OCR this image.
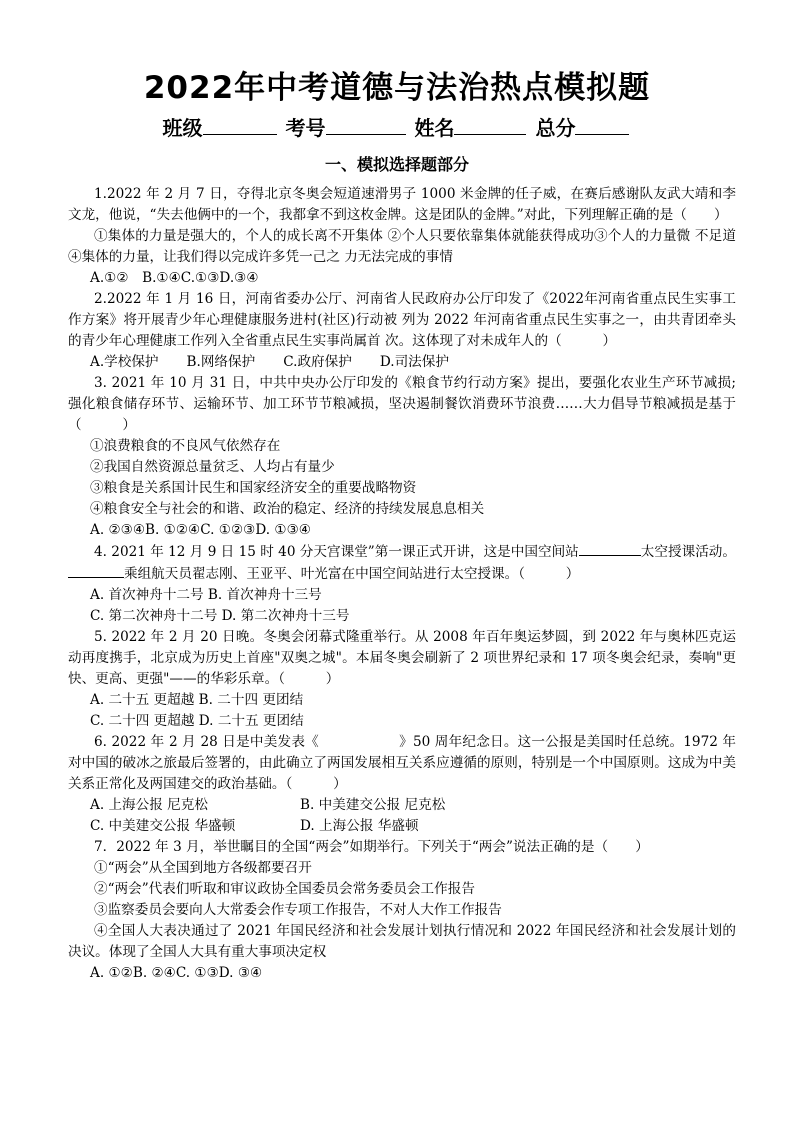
2022年中考道德与法治热点模拟题
班级	考号	姓名	总分
一、模拟选择题部分

1.2022 年 2 月 7 日，夺得北京冬奥会短道速滑男子 1000 米金牌的任子威，在赛后感谢队友武大靖和李文龙，他说，“失去他俩中的一个，我都拿不到这枚金牌。这是团队的金牌。”对此，下列理解正确的是（　　）

①集体的力量是强大的，个人的成长离不开集体 ②个人只要依靠集体就能获得成功③个人的力量微 不足道④集体的力量，让我们得以完成许多凭一己之 力无法完成的事情

A.①②　B.①④C.①③D.③④

2.2022 年 1 月 16 日，河南省委办公厅、河南省人民政府办公厅印发了《2022年河南省重点民生实事工作方案》将开展青少年心理健康服务进村(社区)行动被 列为 2022 年河南省重点民生实事之一，由共青团牵头 的青少年心理健康工作列入全省重点民生实事尚属首 次。这体现了对未成年人的（　　　）

A.学校保护 B.网络保护 C.政府保护 D.司法保护

3. 2021 年 10 月 31 日，中共中央办公厅印发的《粮食节约行动方案》提出，要强化农业生产环节减损;强化粮食储存环节、运输环节、加工环节节粮减损，坚决遏制餐饮消费环节浪费……大力倡导节粮减损是基于（　　　）

①浪费粮食的不良风气依然存在

②我国自然资源总量贫乏、人均占有量少

③粮食是关系国计民生和国家经济安全的重要战略物资

④粮食安全与社会的和谐、政治的稳定、经济的持续发展息息相关

A. ②③④B. ①②④C. ①②③D. ①③④

4. 2021 年 12 月 9 日 15 时 40 分天宫课堂”第一课正式开讲，这是中国空间站	太空授课活动。乘组航天员翟志刚、王亚平、叶光富在中国空间站进行太空授课。（　　　）

A. 首次神舟十二号 B. 首次神舟十三号

C. 第二次神舟十二号 D. 第二次神舟十三号

5. 2022 年 2 月 20 日晚。冬奥会闭幕式隆重举行。从 2008 年百年奥运梦圆，到 2022 年与奥林匹克运动再度携手，北京成为历史上首座"双奥之城"。本届冬奥会刷新了 2 项世界纪录和 17 项冬奥会纪录，奏响"更快、更高、更强"——的华彩乐章。（　　　）

A. 二十五 更超越 B. 二十四 更团结

C. 二十四 更超越 D. 二十五 更团结

6. 2022 年 2 月 28 日是中美发表《	》50 周年纪念日。这一公报是美国时任总统。1972 年对中国的破冰之旅最后签署的，由此确立了两国发展相互关系应遵循的原则，特别是一个中国原则。这成为中美关系正常化及两国建交的政治基础。（　　　）

A. 上海公报 尼克松	B. 中美建交公报 尼克松

C. 中美建交公报 华盛顿	D. 上海公报 华盛顿

7．2022 年 3 月，举世瞩目的全国“两会”如期举行。下列关于“两会”说法正确的是（　　）

①“两会”从全国到地方各级都要召开

②“两会”代表们听取和审议政协全国委员会常务委员会工作报告

③监察委员会要向人大常委会作专项工作报告，不对人大作工作报告

④全国人大表决通过了 2021 年国民经济和社会发展计划执行情况和 2022 年国民经济和社会发展计划的决议。体现了全国人大具有重大事项决定权

A. ①②B. ②④C. ①③D. ③④
